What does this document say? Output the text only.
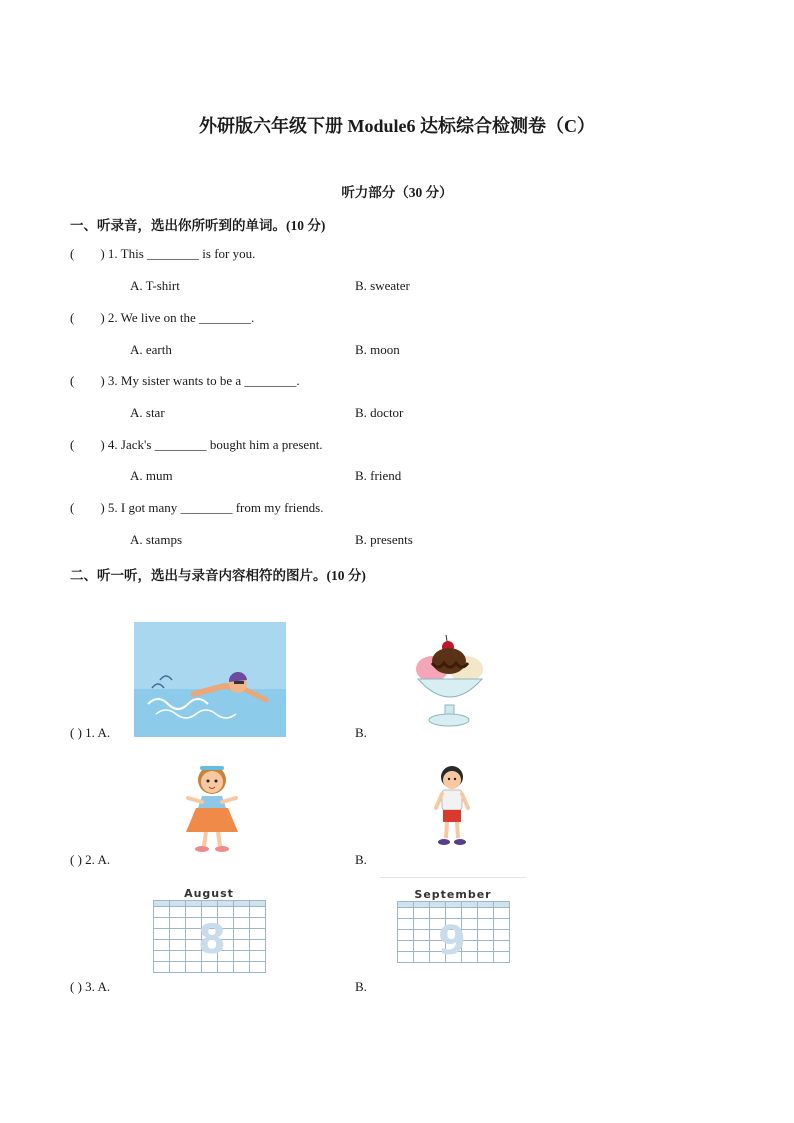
外研版六年级下册 Module6 达标综合检测卷（C）
听力部分（30 分）
一、听录音，选出你所听到的单词。(10 分)
(        ) 1. This ________ is for you.
A. T-shirt	B. sweater
(        ) 2. We live on the ________.
A. earth	B. moon
(        ) 3. My sister wants to be a ________.
A. star	B. doctor
(        ) 4. Jack's ________ bought him a present.
A. mum	B. friend
(        ) 5. I got many ________ from my friends.
A. stamps	B. presents
二、听一听，选出与录音内容相符的图片。(10 分)
( ) 1. A.	B.
( ) 2. A.	B.
( ) 3. A.
August
8

B.
September
9
